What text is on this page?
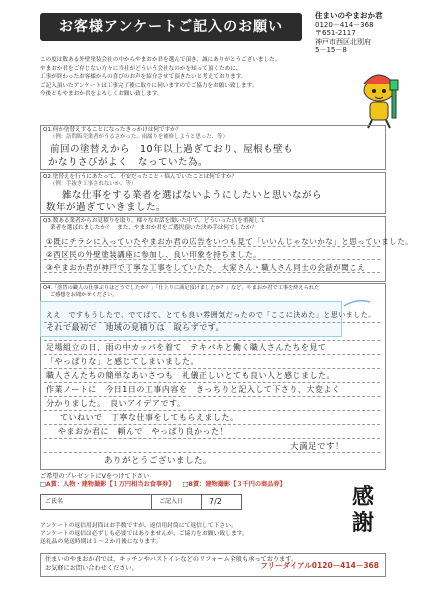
お客様アンケートご記入のお願い
住まいのやまおか君
0120－414－368
〒651-2117
神戸市西区北別府
5－15－8
この度は数ある外壁塗装会社の中からやまおか君を選んで頂き、誠にありがとうございました。
やまおか君をご存じない方々に当社がどういう会社なのかを知って頂くために、
工事が終わったお客様からの喜びのお声を紹介させて頂きたいと考えております。
ご記入頂いたアンケートは工事完了後に取りに伺いますのでご協力をお願い致します。
今後ともやまおか君をよろしくお願い致します。
Q1.何か塗替えすることになったきっかけは何ですか？
（例：訪問販売業者がうるさかった、雨漏りを補修しようと思った、等）
前回の塗替えから　10年以上過ぎており、屋根も壁も
かなりさびがよく　なっていた為。
Q2.塗替えを行うにあたって、不安だったこと・悩んでいたことは何ですか？
（例：手抜き工事されないか、等）
雑な仕事をする業者を選ばないようにしたいと思いながら
数年が過ぎていきました。
Q3.数ある業者からお見積りを取り、様々なお話を聞いた中で、どういった点を重視して
業者を選ばれましたか？　また、やまおか君をご選択頂いた決め手は何でしたか？
①既にチラシに入っていたやまおか君の広告をいつも見て「いいんじゃないかな」と思っていました。
②西区民の外壁塗装講座に参加し、良い印象を持ちました。
③やまおか君が神戸で丁寧な工事をしていたた　大家さん・職人さん同士の会話が聞こえ
Q4.「塗替の職人の仕事ぶりはどうでしたか？」「仕上りに満足頂けましたか？」など、やまおか君で工事を終えられた
ご感想をお聞かせください。
ええ　ですもうしたで、でてばて、とても良い雰囲気だったので「ここに決めた」と思いました。
それで最初で　地域の見積りは　取らずです。
足場組立の日、雨の中カッパを着て　テキパキと働く職人さんたちを見て
「やっぱりな」と感じてしまいました。
職人さんたちの簡単なあいさつも　礼儀正しいとても良い人と感じました。
作業ノートに　今日1日の工事内容を　きっちりと記入して下さり、大変よく
分かりました。　良いアイデアです。
ていねいで　丁寧な仕事をしてもらえました。
やまおか君に　頼んで　やっぱり良かった！
大満足です！
ありがとうございました。
ご希望のプレゼントにVをつけて下さい
□A賞：人物・建物撮影【１万円相当お食事券】 □B賞：建物撮影【３千円の商品券】
ご氏名	ご記入日	7/2	感謝
アンケートの返信用封筒はお手数ですが、返信用封筒にて返信して下さい。
アンケートの返信は必ずしも必要ではありませんが、ご協力をお願い致します。
送礼品の発送時期は１～２か月後になります。
住まいのやまおか君では、キッチンやバストイレなどのリフォーム全般も承っております。
お気軽にお問い合わせください。	フリーダイアル0120－414－368
